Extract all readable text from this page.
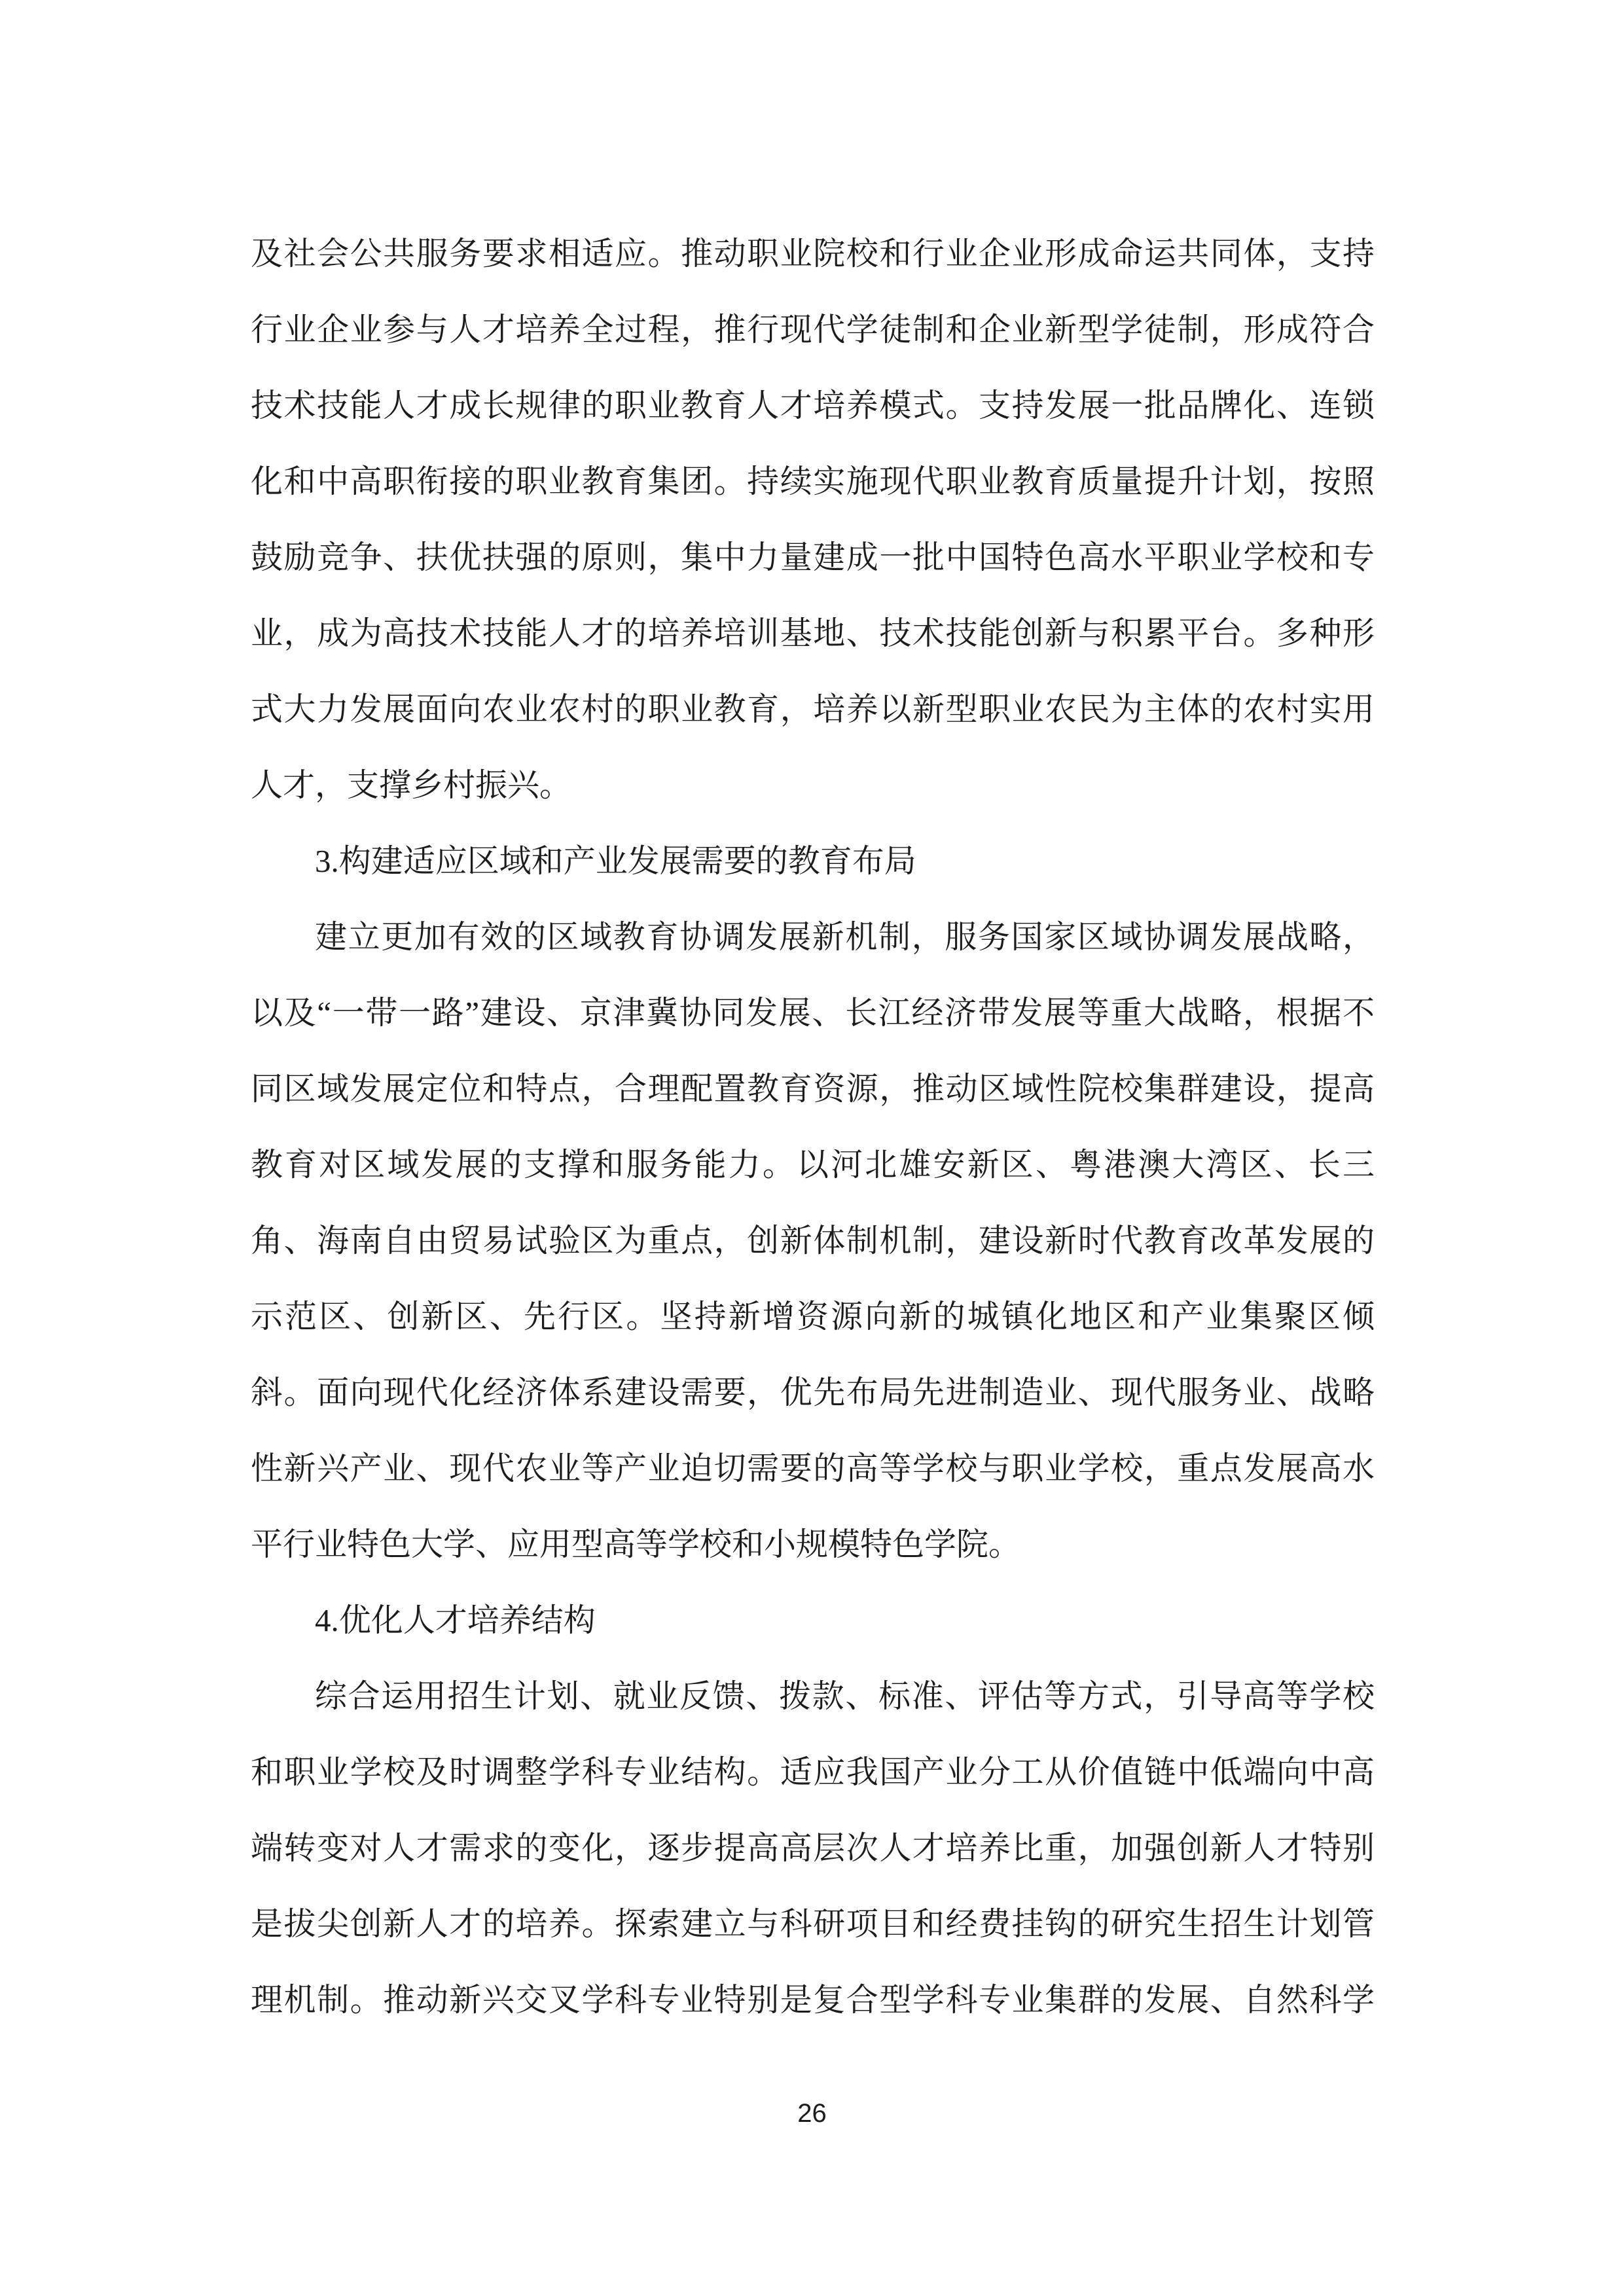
及社会公共服务要求相适应。推动职业院校和行业企业形成命运共同体，支持
行业企业参与人才培养全过程，推行现代学徒制和企业新型学徒制，形成符合
技术技能人才成长规律的职业教育人才培养模式。支持发展一批品牌化、连锁
化和中高职衔接的职业教育集团。持续实施现代职业教育质量提升计划，按照
鼓励竞争、扶优扶强的原则，集中力量建成一批中国特色高水平职业学校和专
业，成为高技术技能人才的培养培训基地、技术技能创新与积累平台。多种形
式大力发展面向农业农村的职业教育，培养以新型职业农民为主体的农村实用
人才，支撑乡村振兴。
3.构建适应区域和产业发展需要的教育布局
建立更加有效的区域教育协调发展新机制，服务国家区域协调发展战略，
以及“一带一路”建设、京津冀协同发展、长江经济带发展等重大战略，根据不
同区域发展定位和特点，合理配置教育资源，推动区域性院校集群建设，提高
教育对区域发展的支撑和服务能力。以河北雄安新区、粤港澳大湾区、长三
角、海南自由贸易试验区为重点，创新体制机制，建设新时代教育改革发展的
示范区、创新区、先行区。坚持新增资源向新的城镇化地区和产业集聚区倾
斜。面向现代化经济体系建设需要，优先布局先进制造业、现代服务业、战略
性新兴产业、现代农业等产业迫切需要的高等学校与职业学校，重点发展高水
平行业特色大学、应用型高等学校和小规模特色学院。
4.优化人才培养结构
综合运用招生计划、就业反馈、拨款、标准、评估等方式，引导高等学校
和职业学校及时调整学科专业结构。适应我国产业分工从价值链中低端向中高
端转变对人才需求的变化，逐步提高高层次人才培养比重，加强创新人才特别
是拔尖创新人才的培养。探索建立与科研项目和经费挂钩的研究生招生计划管
理机制。推动新兴交叉学科专业特别是复合型学科专业集群的发展、自然科学
26
